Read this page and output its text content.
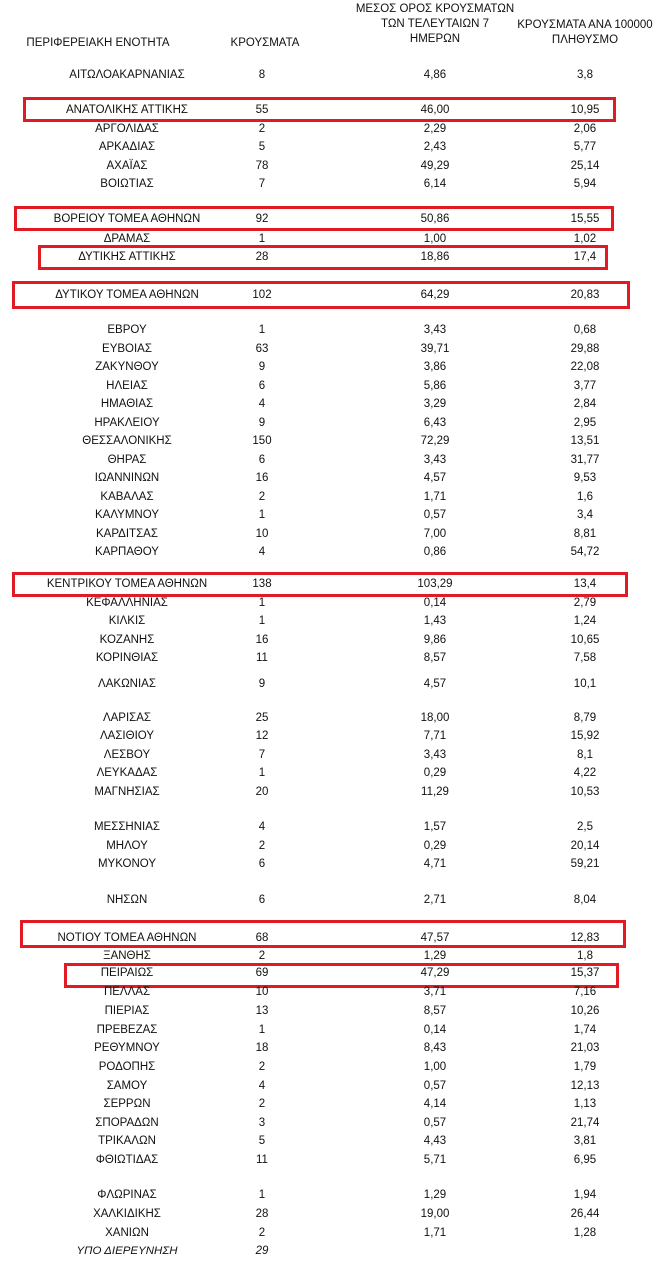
ΠΕΡΙΦΕΡΕΙΑΚΗ ΕΝΟΤΗΤΑ	ΚΡΟΥΣΜΑΤΑ
ΜΕΣΟΣ ΟΡΟΣ ΚΡΟΥΣΜΑΤΩΝ
ΤΩΝ ΤΕΛΕΥΤΑΙΩΝ 7
ΗΜΕΡΩΝ
ΚΡΟΥΣΜΑΤΑ ΑΝΑ 100000
ΠΛΗΘΥΣΜΟ
ΑΙΤΩΛΟΑΚΑΡΝΑΝΙΑΣ	8	4,86	3,8
ΑΝΑΤΟΛΙΚΗΣ ΑΤΤΙΚΗΣ	55	46,00	10,95
ΑΡΓΟΛΙΔΑΣ	2	2,29	2,06
ΑΡΚΑΔΙΑΣ	5	2,43	5,77
ΑΧΑΪΑΣ	78	49,29	25,14
ΒΟΙΩΤΙΑΣ	7	6,14	5,94
ΒΟΡΕΙΟΥ ΤΟΜΕΑ ΑΘΗΝΩΝ	92	50,86	15,55
ΔΡΑΜΑΣ	1	1,00	1,02
ΔΥΤΙΚΗΣ ΑΤΤΙΚΗΣ	28	18,86	17,4
ΔΥΤΙΚΟΥ ΤΟΜΕΑ ΑΘΗΝΩΝ	102	64,29	20,83
ΕΒΡΟΥ	1	3,43	0,68
ΕΥΒΟΙΑΣ	63	39,71	29,88
ΖΑΚΥΝΘΟΥ	9	3,86	22,08
ΗΛΕΙΑΣ	6	5,86	3,77
ΗΜΑΘΙΑΣ	4	3,29	2,84
ΗΡΑΚΛΕΙΟΥ	9	6,43	2,95
ΘΕΣΣΑΛΟΝΙΚΗΣ	150	72,29	13,51
ΘΗΡΑΣ	6	3,43	31,77
ΙΩΑΝΝΙΝΩΝ	16	4,57	9,53
ΚΑΒΑΛΑΣ	2	1,71	1,6
ΚΑΛΥΜΝΟΥ	1	0,57	3,4
ΚΑΡΔΙΤΣΑΣ	10	7,00	8,81
ΚΑΡΠΑΘΟΥ	4	0,86	54,72
ΚΕΝΤΡΙΚΟΥ ΤΟΜΕΑ ΑΘΗΝΩΝ	138	103,29	13,4
ΚΕΦΑΛΛΗΝΙΑΣ	1	0,14	2,79
ΚΙΛΚΙΣ	1	1,43	1,24
ΚΟΖΑΝΗΣ	16	9,86	10,65
ΚΟΡΙΝΘΙΑΣ	11	8,57	7,58
ΛΑΚΩΝΙΑΣ	9	4,57	10,1
ΛΑΡΙΣΑΣ	25	18,00	8,79
ΛΑΣΙΘΙΟΥ	12	7,71	15,92
ΛΕΣΒΟΥ	7	3,43	8,1
ΛΕΥΚΑΔΑΣ	1	0,29	4,22
ΜΑΓΝΗΣΙΑΣ	20	11,29	10,53
ΜΕΣΣΗΝΙΑΣ	4	1,57	2,5
ΜΗΛΟΥ	2	0,29	20,14
ΜΥΚΟΝΟΥ	6	4,71	59,21
ΝΗΣΩΝ	6	2,71	8,04
ΝΟΤΙΟΥ ΤΟΜΕΑ ΑΘΗΝΩΝ	68	47,57	12,83
ΞΑΝΘΗΣ	2	1,29	1,8
ΠΕΙΡΑΙΩΣ	69	47,29	15,37
ΠΕΛΛΑΣ	10	3,71	7,16
ΠΙΕΡΙΑΣ	13	8,57	10,26
ΠΡΕΒΕΖΑΣ	1	0,14	1,74
ΡΕΘΥΜΝΟΥ	18	8,43	21,03
ΡΟΔΟΠΗΣ	2	1,00	1,79
ΣΑΜΟΥ	4	0,57	12,13
ΣΕΡΡΩΝ	2	4,14	1,13
ΣΠΟΡΑΔΩΝ	3	0,57	21,74
ΤΡΙΚΑΛΩΝ	5	4,43	3,81
ΦΘΙΩΤΙΔΑΣ	11	5,71	6,95
ΦΛΩΡΙΝΑΣ	1	1,29	1,94
ΧΑΛΚΙΔΙΚΗΣ	28	19,00	26,44
ΧΑΝΙΩΝ	2	1,71	1,28
ΥΠΟ ΔΙΕΡΕΥΝΗΣΗ	29
